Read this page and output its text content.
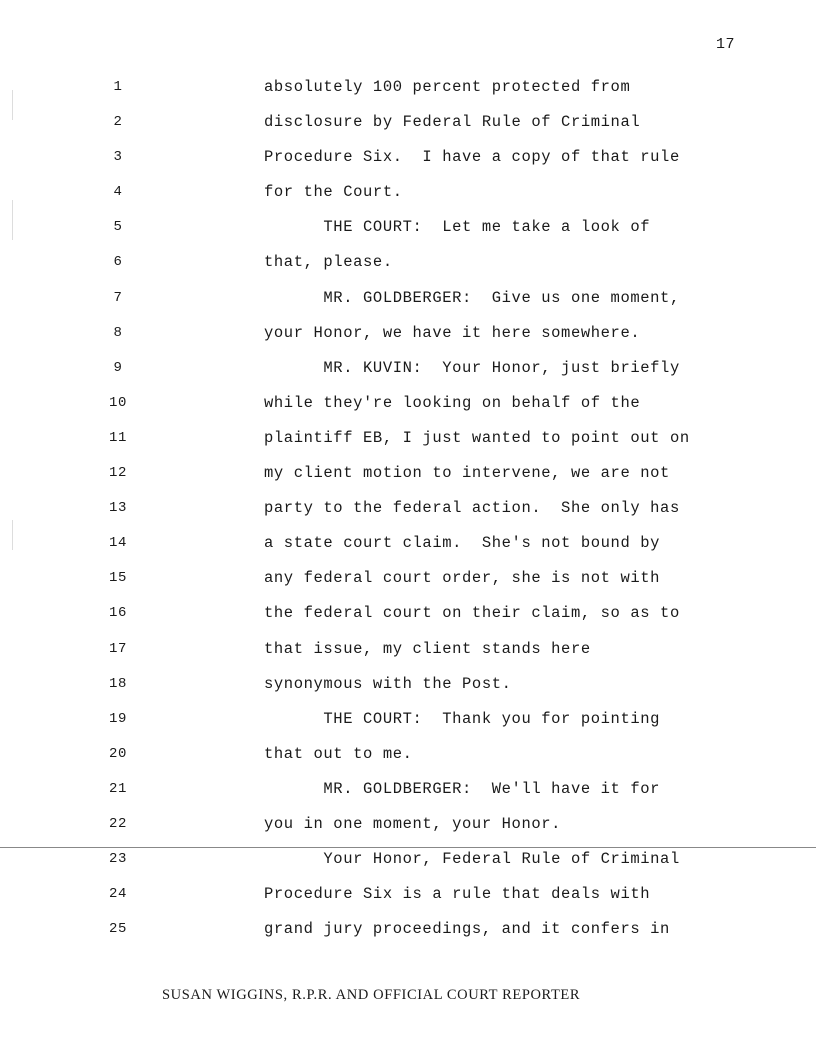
17
1	absolutely 100 percent protected from
2	disclosure by Federal Rule of Criminal
3	Procedure Six.  I have a copy of that rule
4	for the Court.
5	THE COURT:  Let me take a look of
6	that, please.
7	MR. GOLDBERGER:  Give us one moment,
8	your Honor, we have it here somewhere.
9	MR. KUVIN:  Your Honor, just briefly
10	while they're looking on behalf of the
11	plaintiff EB, I just wanted to point out on
12	my client motion to intervene, we are not
13	party to the federal action.  She only has
14	a state court claim.  She's not bound by
15	any federal court order, she is not with
16	the federal court on their claim, so as to
17	that issue, my client stands here
18	synonymous with the Post.
19	THE COURT:  Thank you for pointing
20	that out to me.
21	MR. GOLDBERGER:  We'll have it for
22	you in one moment, your Honor.
23	Your Honor, Federal Rule of Criminal
24	Procedure Six is a rule that deals with
25	grand jury proceedings, and it confers in
SUSAN WIGGINS, R.P.R. AND OFFICIAL COURT REPORTER
